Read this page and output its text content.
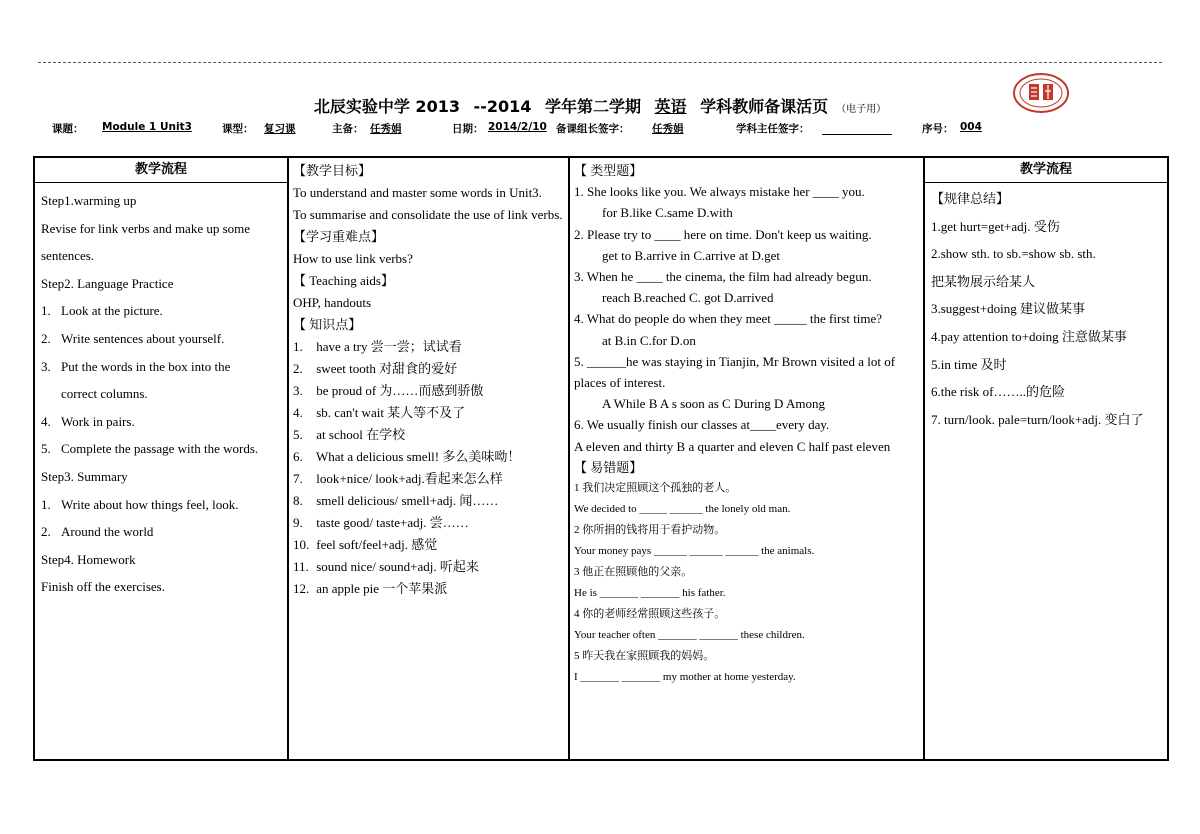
北辰实验中学 2013 --2014 学年第二学期 英语 学科教师备课活页 （电子用）
课题： Module 1 Unit3	课型： 复习课	主备： 任秀娟	日期： 2014/2/10 备课组长签字： 任秀娟	学科主任签字：	序号： 004
教学流程

Step1.warming up

Revise for link verbs and make up some

sentences.

Step2. Language Practice

1. Look at the picture.

2. Write sentences about yourself.

3. Put the words in the box into the

correct columns.

4. Work in pairs.

5. Complete the passage with the words.

Step3. Summary

1. Write about how things feel, look.

2. Around the world

Step4. Homework

Finish off the exercises.

【教学目标】

To understand and master some words in Unit3.

To summarise and consolidate the use of link verbs.

【学习重难点】

How to use link verbs?

【 Teaching aids】

OHP, handouts

【 知识点】

1. have a try 尝一尝；试试看

2. sweet tooth 对甜食的爱好

3. be proud of 为……而感到骄傲

4. sb. can't wait 某人等不及了

5. at school 在学校

6. What a delicious smell! 多么美味呦！

7. look+nice/ look+adj.看起来怎么样

8. smell delicious/ smell+adj. 闻……

9. taste good/ taste+adj. 尝……

10. feel soft/feel+adj. 感觉

11. sound nice/ sound+adj. 听起来

12. an apple pie 一个苹果派

【 类型题】

1. She looks like you. We always mistake her ____ you.

for B.like C.same D.with

2. Please try to ____ here on time. Don't keep us waiting.

get to B.arrive in C.arrive at D.get

3. When he ____ the cinema, the film had already begun.

reach B.reached C. got D.arrived

4. What do people do when they meet _____ the first time?

at B.in C.for D.on

5. ______he was staying in Tianjin, Mr Brown visited a lot of places of interest.

A While B A s soon as C During D Among

6. We usually finish our classes at____every day.

A eleven and thirty B a quarter and eleven C half past eleven

【 易错题】

1 我们决定照顾这个孤独的老人。

We decided to _____ ______ the lonely old man.

2 你所捐的钱将用于看护动物。

Your money pays ______ ______ ______ the animals.

3 他正在照顾他的父亲。

He is _______ _______ his father.

4 你的老师经常照顾这些孩子。

Your teacher often _______ _______ these children.

5 昨天我在家照顾我的妈妈。

I _______ _______ my mother at home yesterday.

教学流程

【规律总结】

1.get hurt=get+adj. 受伤

2.show sth. to sb.=show sb. sth.

把某物展示给某人

3.suggest+doing 建议做某事

4.pay attention to+doing 注意做某事

5.in time 及时

6.the risk of……..的危险

7. turn/look. pale=turn/look+adj. 变白了
